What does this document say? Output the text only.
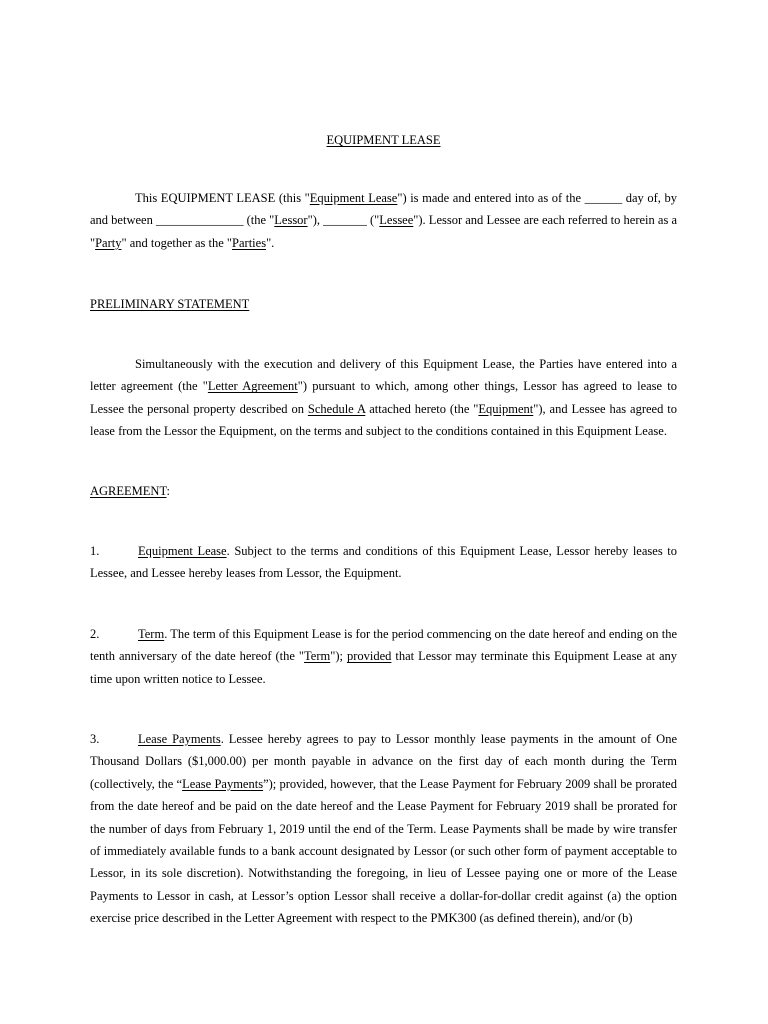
EQUIPMENT LEASE

This EQUIPMENT LEASE (this "Equipment Lease") is made and entered into as of the ______ day of, by and between ______________ (the "Lessor"), _______ ("Lessee"). Lessor and Lessee are each referred to herein as a "Party" and together as the "Parties".

PRELIMINARY STATEMENT

Simultaneously with the execution and delivery of this Equipment Lease, the Parties have entered into a letter agreement (the "Letter Agreement") pursuant to which, among other things, Lessor has agreed to lease to Lessee the personal property described on Schedule A attached hereto (the "Equipment"), and Lessee has agreed to lease from the Lessor the Equipment, on the terms and subject to the conditions contained in this Equipment Lease.

AGREEMENT:

1.	Equipment Lease. Subject to the terms and conditions of this Equipment Lease, Lessor hereby leases to Lessee, and Lessee hereby leases from Lessor, the Equipment.

2.	Term. The term of this Equipment Lease is for the period commencing on the date hereof and ending on the tenth anniversary of the date hereof (the "Term"); provided that Lessor may terminate this Equipment Lease at any time upon written notice to Lessee.

3.	Lease Payments. Lessee hereby agrees to pay to Lessor monthly lease payments in the amount of One Thousand Dollars ($1,000.00) per month payable in advance on the first day of each month during the Term (collectively, the “Lease Payments”); provided, however, that the Lease Payment for February 2009 shall be prorated from the date hereof and be paid on the date hereof and the Lease Payment for February 2019 shall be prorated for the number of days from February 1, 2019 until the end of the Term. Lease Payments shall be made by wire transfer of immediately available funds to a bank account designated by Lessor (or such other form of payment acceptable to Lessor, in its sole discretion). Notwithstanding the foregoing, in lieu of Lessee paying one or more of the Lease Payments to Lessor in cash, at Lessor’s option Lessor shall receive a dollar-for-dollar credit against (a) the option exercise price described in the Letter Agreement with respect to the PMK300 (as defined therein), and/or (b)
